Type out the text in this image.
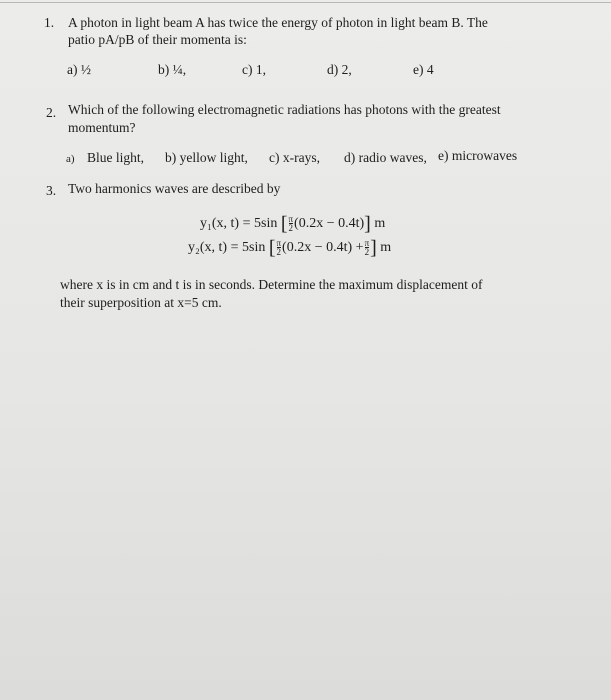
1. A photon in light beam A has twice the energy of photon in light beam B. The
patio pA/pB of their momenta is:
a) ½	b) ¼,	c) 1,	d) 2,	e) 4
2. Which of the following electromagnetic radiations has photons with the greatest
momentum?
a) Blue light, b) yellow light, c) x-rays, d) radio waves, e) microwaves
3. Two harmonics waves are described by
y₁(x, t) = 5sin [ $\frac{\pi}{2} (0.2x - 0.4t)$] m
y₂(x, t) = 5sin [ $\frac{\pi}{2} (0.2x - 0.4t) + \frac{\pi}{2}$ ] m
where x is in cm and t is in seconds. Determine the maximum displacement of
their superposition at x=5 cm.
